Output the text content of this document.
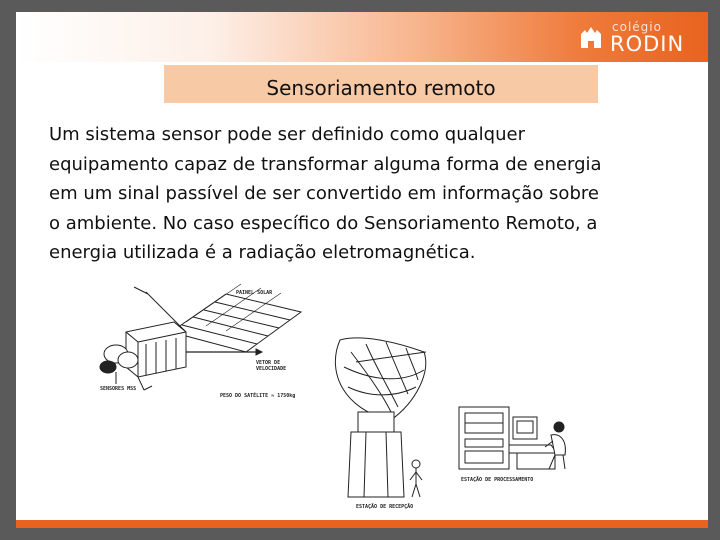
colégio
RODIN
Sensoriamento remoto

Um sistema sensor pode ser definido como qualquer
equipamento capaz de transformar alguma forma de energia
em um sinal passível de ser convertido em informação sobre
o ambiente. No caso específico do Sensoriamento Remoto, a
energia utilizada é a radiação eletromagnética.

PAINEL SOLAR
VETOR DE
VELOCIDADE
SENSORES MSS
PESO DO SATÉLITE ≈ 1750kg
ESTAÇÃO DE RECEPÇÃO
ESTAÇÃO DE PROCESSAMENTO
